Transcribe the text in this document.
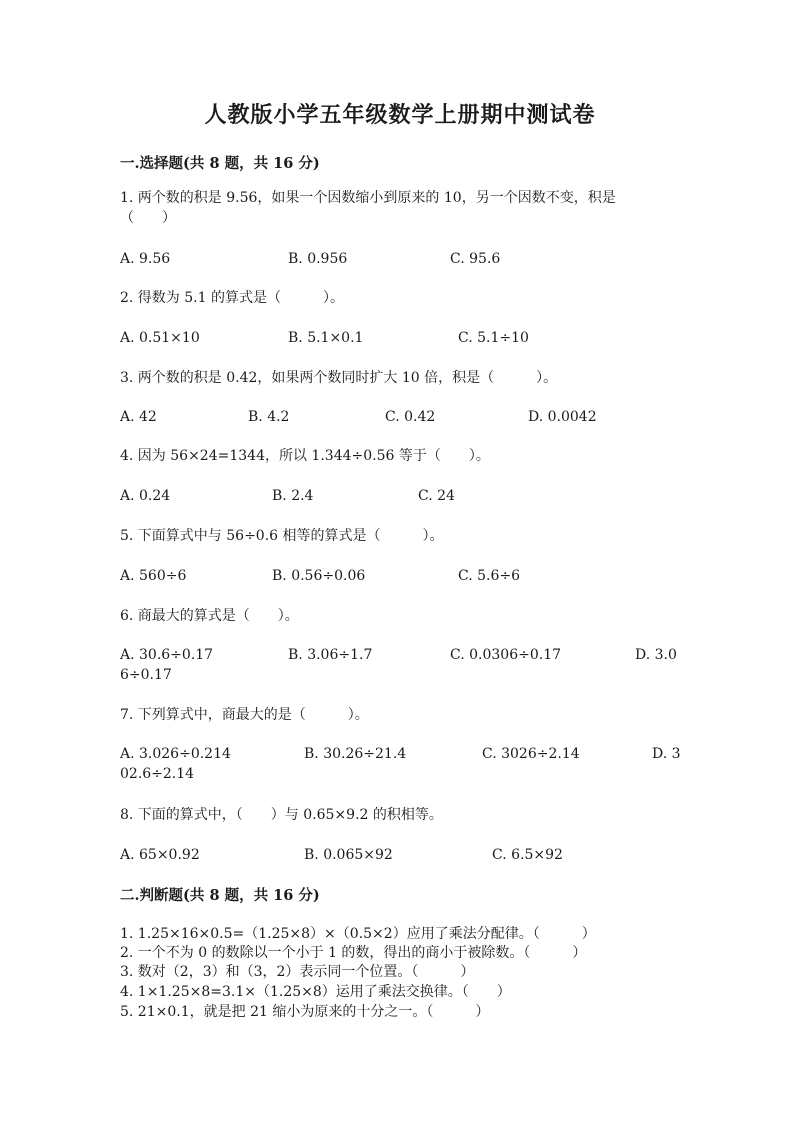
人教版小学五年级数学上册期中测试卷
一.选择题(共 8 题，共 16 分)
1. 两个数的积是 9.56，如果一个因数缩小到原来的 10，另一个因数不变，积是
（　　）
A. 9.56	B. 0.956	C. 95.6
2. 得数为 5.1 的算式是（　　　）。
A. 0.51×10	B. 5.1×0.1	C. 5.1÷10
3. 两个数的积是 0.42，如果两个数同时扩大 10 倍，积是（　　　）。
A. 42	B. 4.2	C. 0.42	D. 0.0042
4. 因为 56×24=1344，所以 1.344÷0.56 等于（　　）。
A. 0.24	B. 2.4	C. 24
5. 下面算式中与 56÷0.6 相等的算式是（　　　）。
A. 560÷6	B. 0.56÷0.06	C. 5.6÷6
6. 商最大的算式是（　　）。
A. 30.6÷0.17	B. 3.06÷1.7	C. 0.0306÷0.17	D. 3.0
6÷0.17
7. 下列算式中，商最大的是（　　　）。
A. 3.026÷0.214	B. 30.26÷21.4	C. 3026÷2.14	D. 3
02.6÷2.14
8. 下面的算式中，（　　）与 0.65×9.2 的积相等。
A. 65×0.92	B. 0.065×92	C. 6.5×92
二.判断题(共 8 题，共 16 分)
1. 1.25×16×0.5=（1.25×8）×（0.5×2）应用了乘法分配律。（　　　）
2. 一个不为 0 的数除以一个小于 1 的数，得出的商小于被除数。（　　　）
3. 数对（2，3）和（3，2）表示同一个位置。（　　　）
4. 1×1.25×8=3.1×（1.25×8）运用了乘法交换律。（　　）
5. 21×0.1，就是把 21 缩小为原来的十分之一。（　　　）
